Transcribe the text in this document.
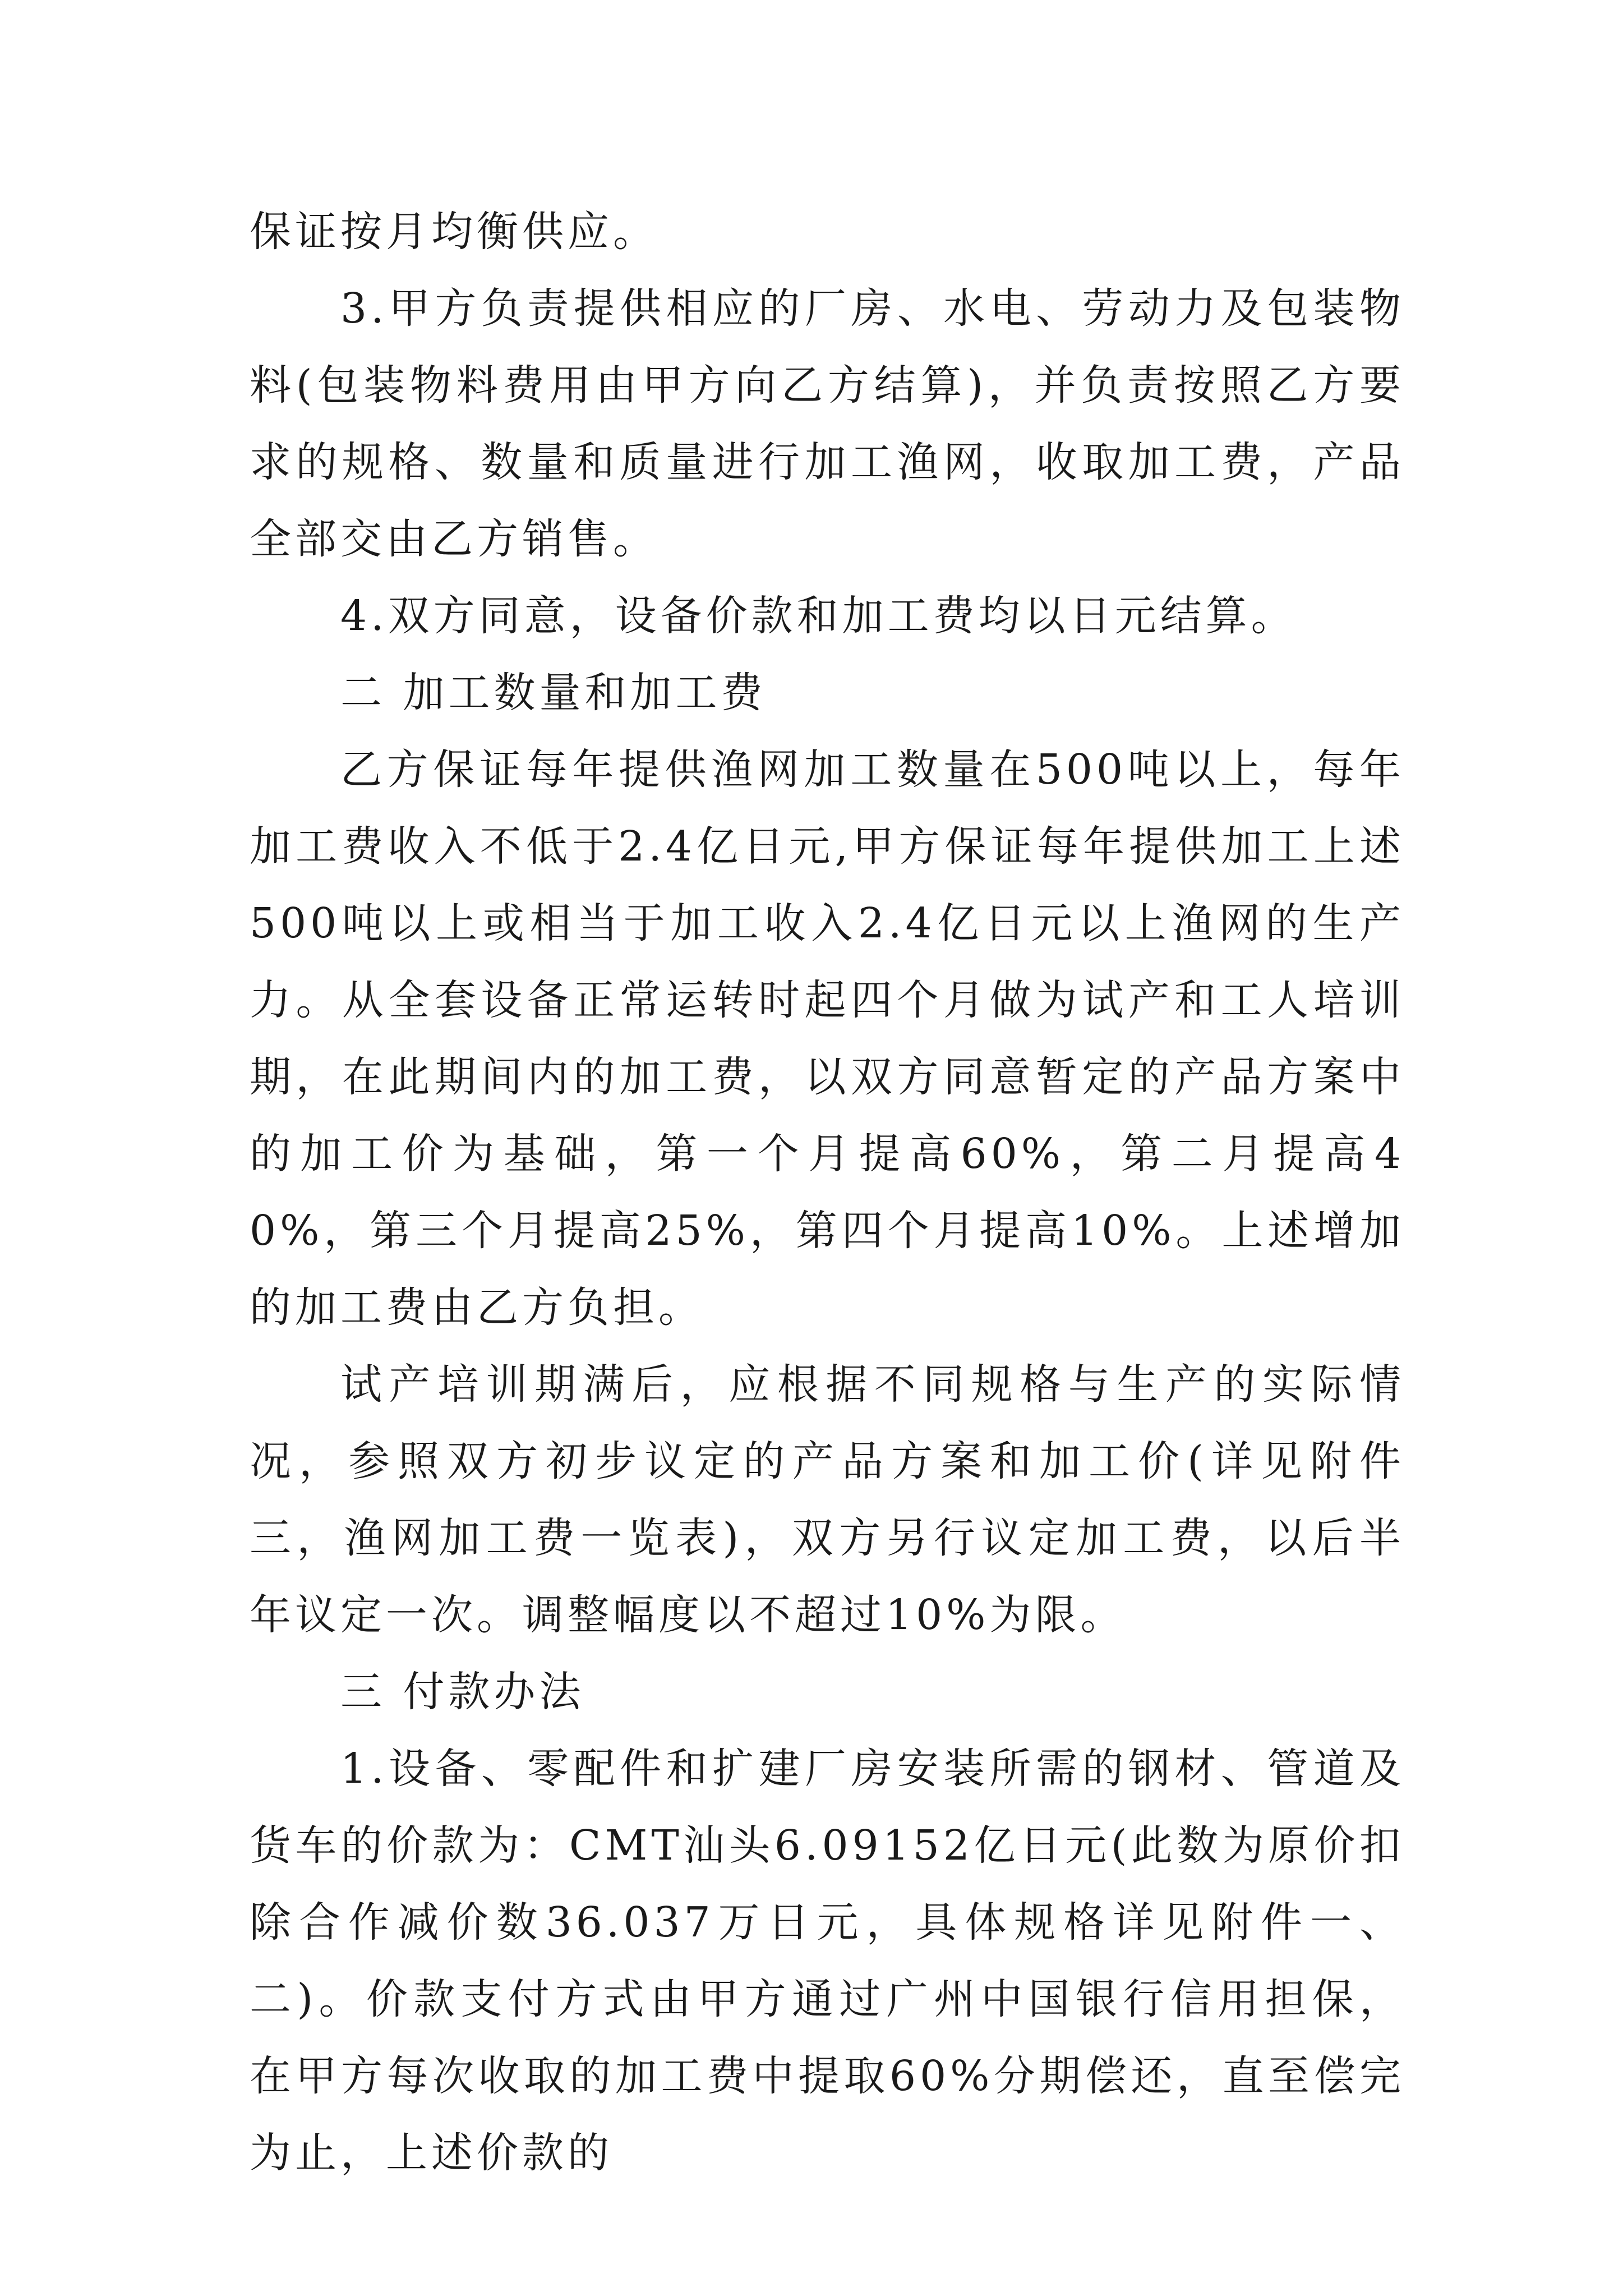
保证按月均衡供应。

3.甲方负责提供相应的厂房、水电、劳动力及包装物料(包装物料费用由甲方向乙方结算)，并负责按照乙方要求的规格、数量和质量进行加工渔网，收取加工费，产品全部交由乙方销售。

4.双方同意，设备价款和加工费均以日元结算。

二 加工数量和加工费

乙方保证每年提供渔网加工数量在500吨以上，每年加工费收入不低于2.4亿日元,甲方保证每年提供加工上述500吨以上或相当于加工收入2.4亿日元以上渔网的生产力。从全套设备正常运转时起四个月做为试产和工人培训期，在此期间内的加工费，以双方同意暂定的产品方案中的加工价为基础，第一个月提高60%，第二月提高40%，第三个月提高25%，第四个月提高10%。上述增加的加工费由乙方负担。

试产培训期满后，应根据不同规格与生产的实际情况，参照双方初步议定的产品方案和加工价(详见附件三，渔网加工费一览表)，双方另行议定加工费，以后半年议定一次。调整幅度以不超过10%为限。

三 付款办法

1.设备、零配件和扩建厂房安装所需的钢材、管道及货车的价款为：CMT汕头6.09152亿日元(此数为原价扣除合作减价数36.037万日元，具体规格详见附件一、二)。价款支付方式由甲方通过广州中国银行信用担保，在甲方每次收取的加工费中提取60%分期偿还，直至偿完为止，上述价款的
